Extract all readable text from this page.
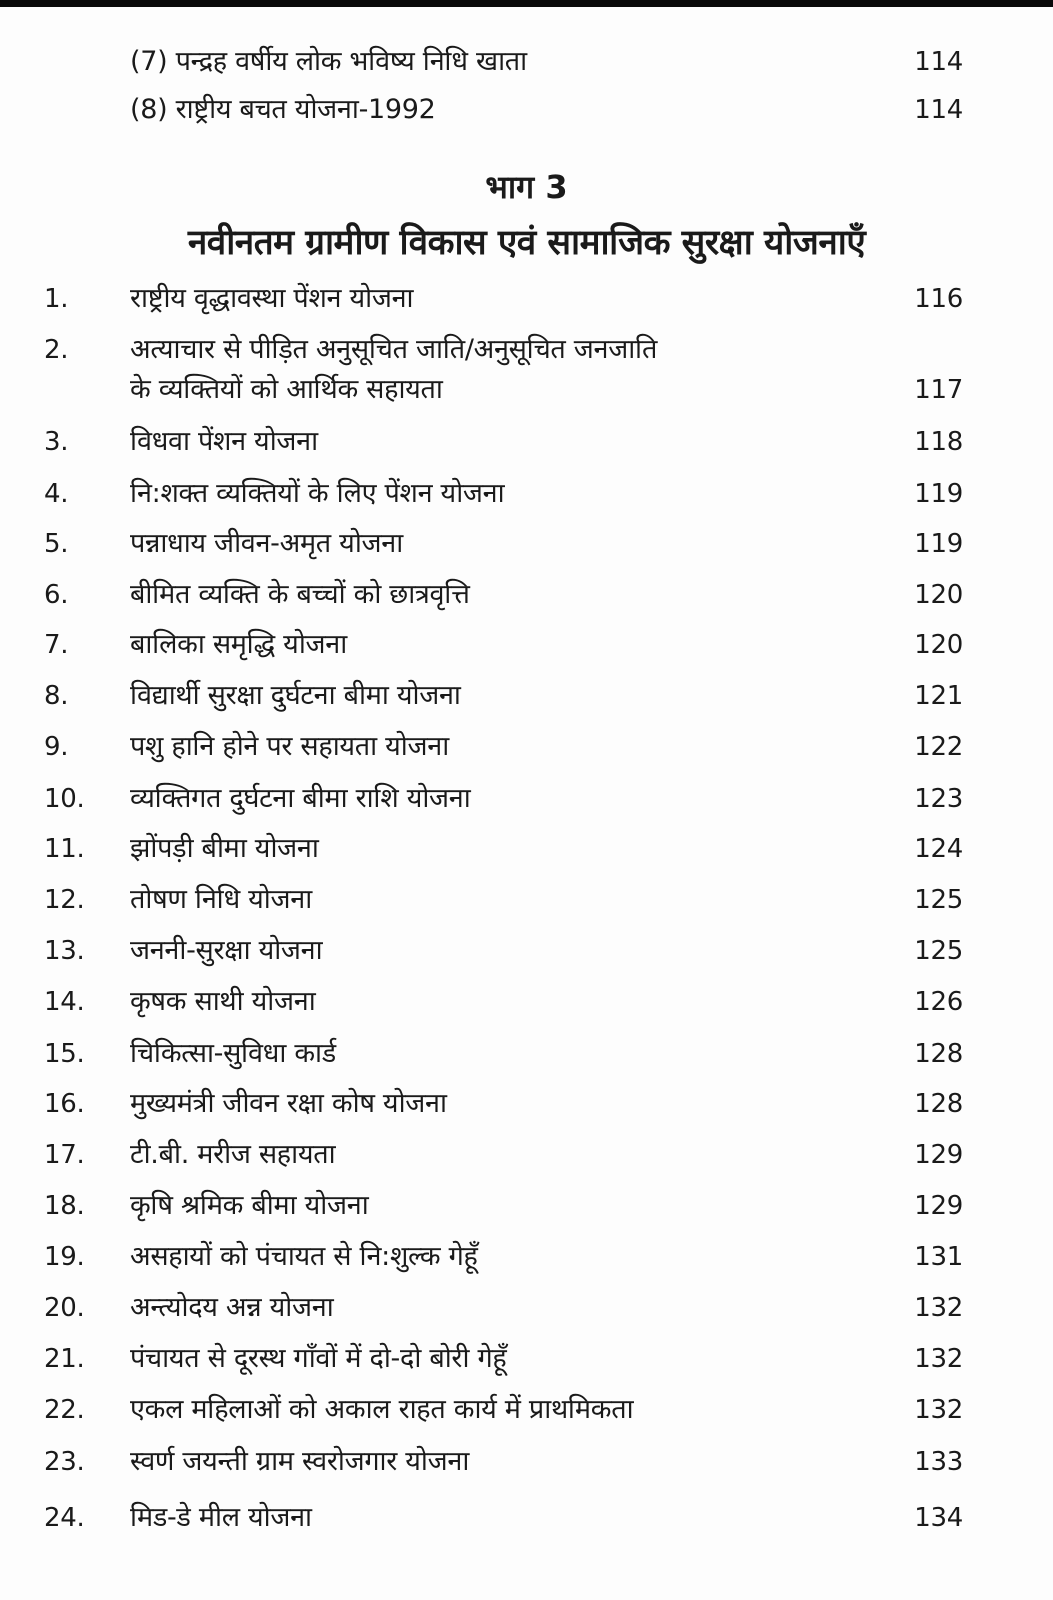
(7) पन्द्रह वर्षीय लोक भविष्य निधि खाता	114
(8) राष्ट्रीय बचत योजना-1992	114
भाग 3
नवीनतम ग्रामीण विकास एवं सामाजिक सुरक्षा योजनाएँ
1.	राष्ट्रीय वृद्धावस्था पेंशन योजना	116
2.	अत्याचार से पीड़ित अनुसूचित जाति/अनुसूचित जनजाति
के व्यक्तियों को आर्थिक सहायता	117
3.	विधवा पेंशन योजना	118
4.	नि:शक्त व्यक्तियों के लिए पेंशन योजना	119
5.	पन्नाधाय जीवन-अमृत योजना	119
6.	बीमित व्यक्ति के बच्चों को छात्रवृत्ति	120
7.	बालिका समृद्धि योजना	120
8.	विद्यार्थी सुरक्षा दुर्घटना बीमा योजना	121
9.	पशु हानि होने पर सहायता योजना	122
10.	व्यक्तिगत दुर्घटना बीमा राशि योजना	123
11.	झोंपड़ी बीमा योजना	124
12.	तोषण निधि योजना	125
13.	जननी-सुरक्षा योजना	125
14.	कृषक साथी योजना	126
15.	चिकित्सा-सुविधा कार्ड	128
16.	मुख्यमंत्री जीवन रक्षा कोष योजना	128
17.	टी.बी. मरीज सहायता	129
18.	कृषि श्रमिक बीमा योजना	129
19.	असहायों को पंचायत से नि:शुल्क गेहूँ	131
20.	अन्त्योदय अन्न योजना	132
21.	पंचायत से दूरस्थ गाँवों में दो-दो बोरी गेहूँ	132
22.	एकल महिलाओं को अकाल राहत कार्य में प्राथमिकता	132
23.	स्वर्ण जयन्ती ग्राम स्वरोजगार योजना	133
24.	मिड-डे मील योजना	134
